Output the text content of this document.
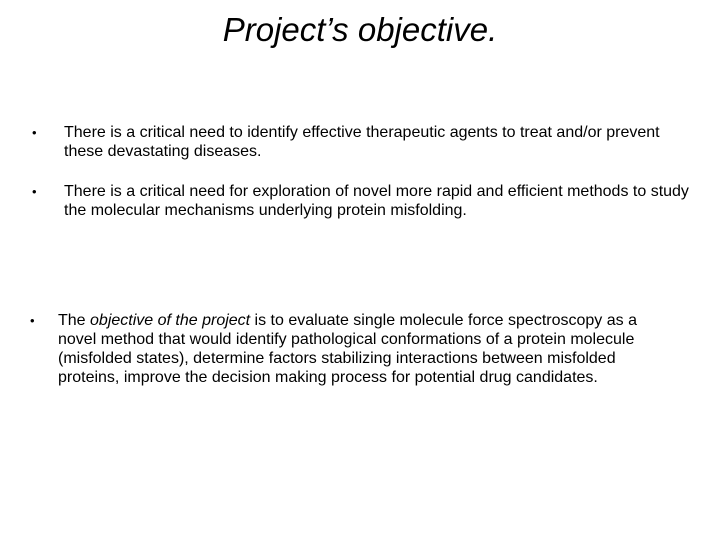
Project’s objective.
• There is a critical need to identify effective therapeutic agents to treat and/or prevent these devastating diseases.
• There is a critical need for exploration of novel more rapid and efficient methods to study the molecular mechanisms underlying protein misfolding.
• The objective of the project is to evaluate single molecule force spectroscopy as a novel method that would identify pathological conformations of a protein molecule (misfolded states), determine factors stabilizing interactions between misfolded proteins, improve the decision making process for potential drug candidates.
